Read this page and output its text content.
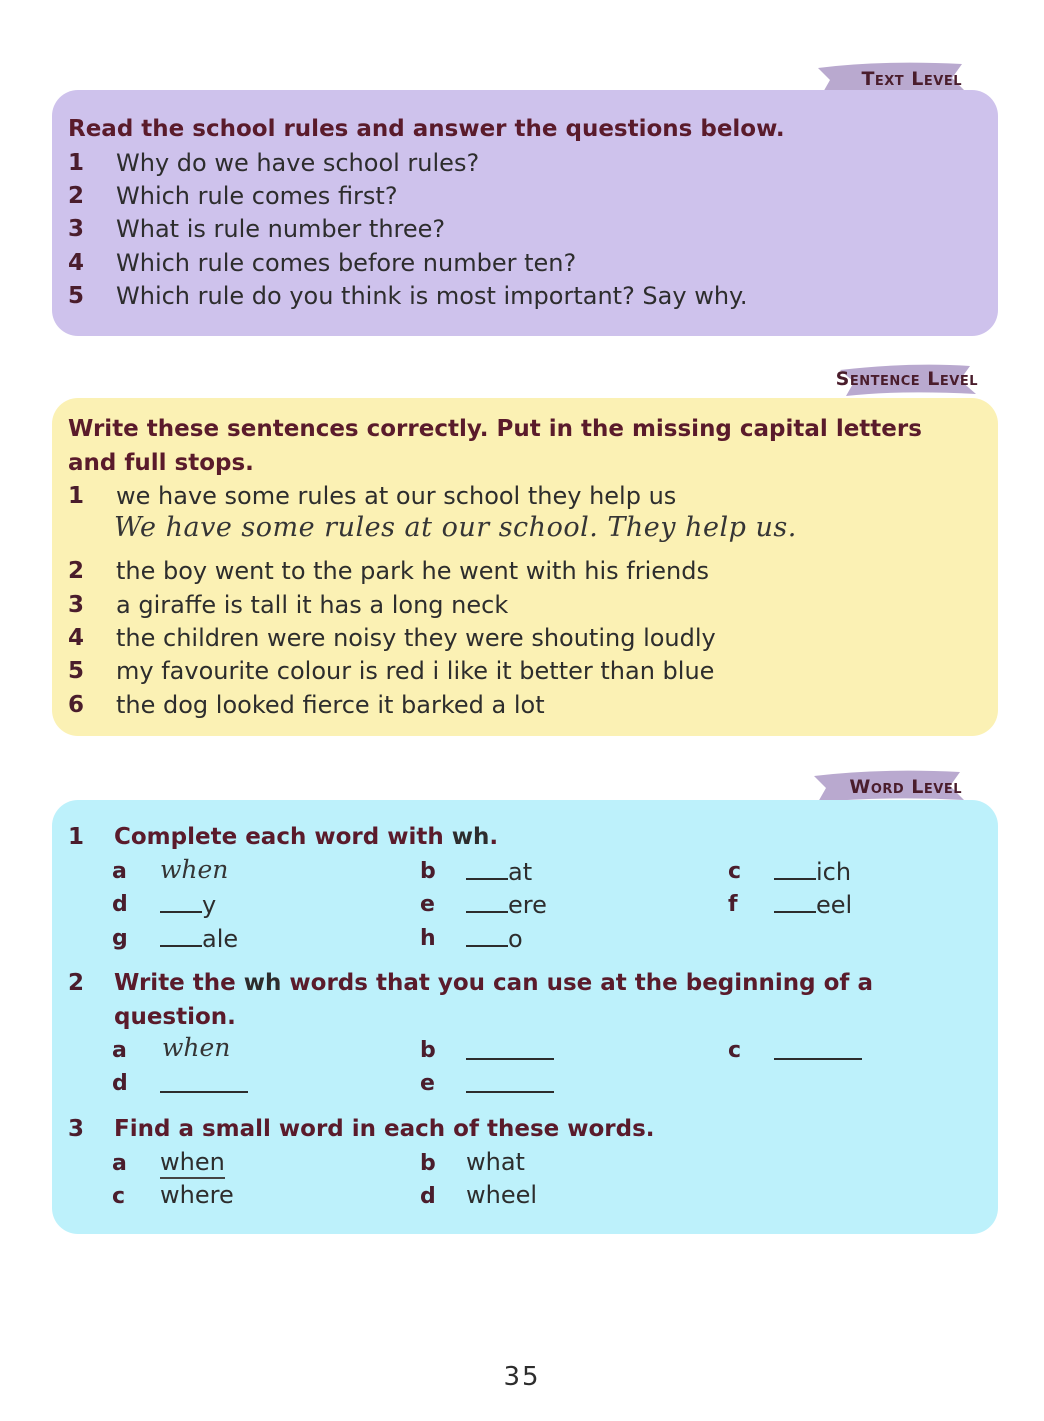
Text Level
Read the school rules and answer the questions below.
1 Why do we have school rules?
2 Which rule comes first?
3 What is rule number three?
4 Which rule comes before number ten?
5 Which rule do you think is most important? Say why.
Sentence Level
Write these sentences correctly. Put in the missing capital letters
and full stops.
1 we have some rules at our school they help us
We have some rules at our school. They help us.
2 the boy went to the park he went with his friends
3 a giraffe is tall it has a long neck
4 the children were noisy they were shouting loudly
5 my favourite colour is red i like it better than blue
6 the dog looked fierce it barked a lot
Word Level
1 Complete each word with wh.
a when	b	at	c	ich
d	y	e	ere	f	eel
g	ale	h	o
2 Write the wh words that you can use at the beginning of a
question.
a when	b	c
d	e
3 Find a small word in each of these words.
a when	b what
c where	d wheel
35
